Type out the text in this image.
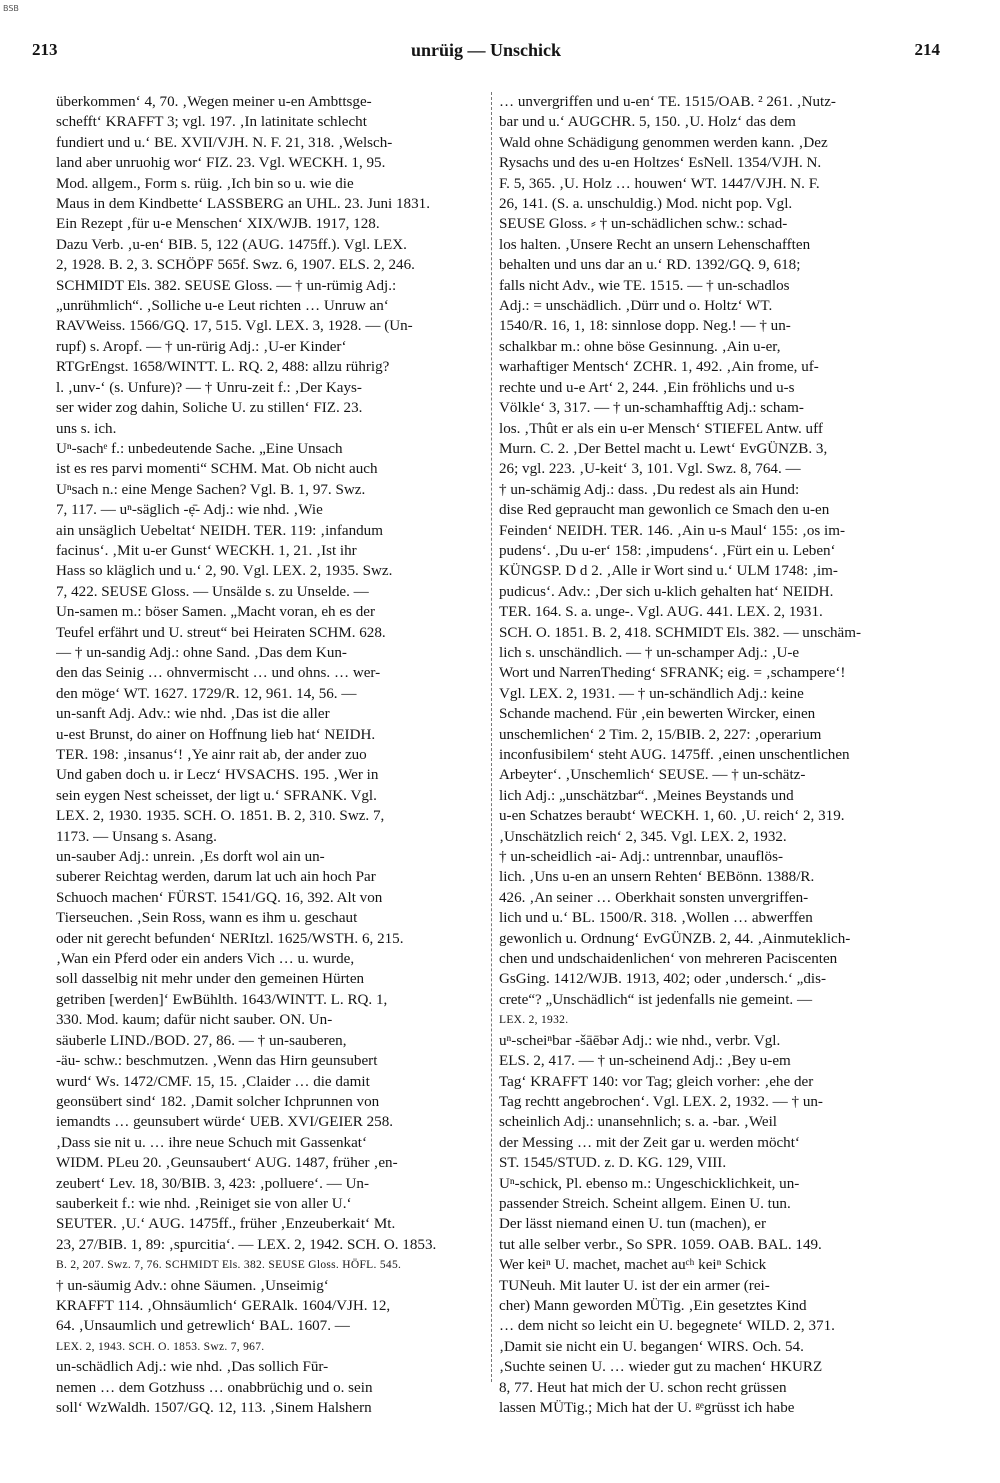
BSB
213	unrüig — Unschick	214
überkommen‘ 4, 70. ‚Wegen meiner u-en Ambttsge-
schefft‘ KRAFFT 3; vgl. 197. ‚In latinitate schlecht
fundiert und u.‘ BE. XVII/VJH. N. F. 21, 318. ‚Welsch-
land aber unruohig wor‘ FIZ. 23. Vgl. WECKH. 1, 95.
Mod. allgem., Form s. rüig. ‚Ich bin so u. wie die
Maus in dem Kindbette‘ LASSBERG an UHL. 23. Juni 1831.
Ein Rezept ‚für u-e Menschen‘ XIX/WJB. 1917, 128.
Dazu Verb. ‚u-en‘ BIB. 5, 122 (AUG. 1475ff.). Vgl. LEX.
2, 1928. B. 2, 3. SCHÖPF 565f. Swz. 6, 1907. ELS. 2, 246.
SCHMIDT Els. 382. SEUSE Gloss. — † un-rümig Adj.:
„unrühmlich“. ‚Solliche u-e Leut richten … Unruw an‘
RAVWeiss. 1566/GQ. 17, 515. Vgl. LEX. 3, 1928. — (Un-
rupf) s. Aropf. — † un-rürig Adj.: ‚U-er Kinder‘
RTGrEngst. 1658/WINTT. L. RQ. 2, 488: allzu rührig?
l. ‚unv-‘ (s. Unfure)? — † Unru-zeit f.: ‚Der Kays-
ser wider zog dahin, Soliche U. zu stillen‘ FIZ. 23.
uns s. ich.
Uⁿ-sachᵉ f.: unbedeutende Sache. „Eine Unsach
ist es res parvi momenti“ SCHM. Mat. Ob nicht auch
Uⁿsach n.: eine Menge Sachen? Vgl. B. 1, 97. Swz.
7, 117. — uⁿ-säglich -ẹ̄- Adj.: wie nhd. ‚Wie
ain unsäglich Uebeltat‘ NEIDH. TER. 119: ‚infandum
facinus‘. ‚Mit u-er Gunst‘ WECKH. 1, 21. ‚Ist ihr
Hass so kläglich und u.‘ 2, 90. Vgl. LEX. 2, 1935. Swz.
7, 422. SEUSE Gloss. — Unsälde s. zu Unselde. —
Un-samen m.: böser Samen. „Macht voran, eh es der
Teufel erfährt und U. streut“ bei Heiraten SCHM. 628.
— † un-sandig Adj.: ohne Sand. ‚Das dem Kun-
den das Seinig … ohnvermischt … und ohns. … wer-
den möge‘ WT. 1627. 1729/R. 12, 961. 14, 56. —
un-sanft Adj. Adv.: wie nhd. ‚Das ist die aller
u-est Brunst, do ainer on Hoffnung lieb hat‘ NEIDH.
TER. 198: ‚insanus‘! ‚Ye ainr rait ab, der ander zuo
Und gaben doch u. ir Lecz‘ HVSACHS. 195. ‚Wer in
sein eygen Nest scheisset, der ligt u.‘ SFRANK. Vgl.
LEX. 2, 1930. 1935. SCH. O. 1851. B. 2, 310. Swz. 7,
1173. — Unsang s. Asang.
un-sauber Adj.: unrein. ‚Es dorft wol ain un-
suberer Reichtag werden, darum lat uch ain hoch Par
Schuoch machen‘ FÜRST. 1541/GQ. 16, 392. Alt von
Tierseuchen. ‚Sein Ross, wann es ihm u. geschaut
oder nit gerecht befunden‘ NERItzl. 1625/WSTH. 6, 215.
‚Wan ein Pferd oder ein anders Vich … u. wurde,
soll dasselbig nit mehr under den gemeinen Hürten
getriben [werden]‘ EwBühlth. 1643/WINTT. L. RQ. 1,
330. Mod. kaum; dafür nicht sauber. ON. Un-
säuberle LIND./BOD. 27, 86. — † un-sauberen,
-äu- schw.: beschmutzen. ‚Wenn das Hirn geunsubert
wurd‘ Ws. 1472/CMF. 15, 15. ‚Claider … die damit
geonsübert sind‘ 182. ‚Damit solcher Ichprunnen von
iemandts … geunsubert würde‘ UEB. XVI/GEIER 258.
‚Dass sie nit u. … ihre neue Schuch mit Gassenkat‘
WIDM. PLeu 20. ‚Geunsaubert‘ AUG. 1487, früher ‚en-
zeubert‘ Lev. 18, 30/BIB. 3, 423: ‚polluere‘. — Un-
sauberkeit f.: wie nhd. ‚Reiniget sie von aller U.‘
SEUTER. ‚U.‘ AUG. 1475ff., früher ‚Enzeuberkait‘ Mt.
23, 27/BIB. 1, 89: ‚spurcitia‘. — LEX. 2, 1942. SCH. O. 1853.
B. 2, 207. Swz. 7, 76. SCHMIDT Els. 382. SEUSE Gloss. HÖFL. 545.
† un-säumig Adv.: ohne Säumen. ‚Unseimig‘
KRAFFT 114. ‚Ohnsäumlich‘ GERAlk. 1604/VJH. 12,
64. ‚Unsaumlich und getrewlich‘ BAL. 1607. —
LEX. 2, 1943. SCH. O. 1853. Swz. 7, 967.
un-schädlich Adj.: wie nhd. ‚Das sollich Fūr-
nemen … dem Gotzhuss … onabbrüchig und o. sein
soll‘ WzWaldh. 1507/GQ. 12, 113. ‚Sinem Halshern
… unvergriffen und u-en‘ TE. 1515/OAB. ² 261. ‚Nutz-
bar und u.‘ AUGCHR. 5, 150. ‚U. Holz‘ das dem
Wald ohne Schädigung genommen werden kann. ‚Dez
Rysachs und des u-en Holtzes‘ EsNell. 1354/VJH. N.
F. 5, 365. ‚U. Holz … houwen‘ WT. 1447/VJH. N. F.
26, 141. (S. a. unschuldig.) Mod. nicht pop. Vgl.
SEUSE Gloss. ⸗ † un-schädlichen schw.: schad-
los halten. ‚Unsere Recht an unsern Lehenschafften
behalten und uns dar an u.‘ RD. 1392/GQ. 9, 618;
falls nicht Adv., wie TE. 1515. — † un-schadlos
Adj.: = unschädlich. ‚Dürr und o. Holtz‘ WT.
1540/R. 16, 1, 18: sinnlose dopp. Neg.! — † un-
schalkbar m.: ohne böse Gesinnung. ‚Ain u-er,
warhaftiger Mentsch‘ ZCHR. 1, 492. ‚Ain frome, uf-
rechte und u-e Art‘ 2, 244. ‚Ein fröhlichs und u-s
Völkle‘ 3, 317. — † un-schamhafftig Adj.: scham-
los. ‚Thût er als ein u-er Mensch‘ STIEFEL Antw. uff
Murn. C. 2. ‚Der Bettel macht u. Lewt‘ EvGÜNZB. 3,
26; vgl. 223. ‚U-keit‘ 3, 101. Vgl. Swz. 8, 764. —
† un-schämig Adj.: dass. ‚Du redest als ain Hund:
dise Red gepraucht man gewonlich ce Smach den u-en
Feinden‘ NEIDH. TER. 146. ‚Ain u-s Maul‘ 155: ‚os im-
pudens‘. ‚Du u-er‘ 158: ‚impudens‘. ‚Fürt ein u. Leben‘
KÜNGSP. D d 2. ‚Alle ir Wort sind u.‘ ULM 1748: ‚im-
pudicus‘. Adv.: ‚Der sich u-klich gehalten hat‘ NEIDH.
TER. 164. S. a. unge-. Vgl. AUG. 441. LEX. 2, 1931.
SCH. O. 1851. B. 2, 418. SCHMIDT Els. 382. — unschäm-
lich s. unschändlich. — † un-schamper Adj.: ‚U-e
Wort und NarrenTheding‘ SFRANK; eig. = ‚schampere‘!
Vgl. LEX. 2, 1931. — † un-schändlich Adj.: keine
Schande machend. Für ‚ein bewerten Wircker, einen
unschemlichen‘ 2 Tim. 2, 15/BIB. 2, 227: ‚operarium
inconfusibilem‘ steht AUG. 1475ff. ‚einen unschentlichen
Arbeyter‘. ‚Unschemlich‘ SEUSE. — † un-schätz-
lich Adj.: „unschätzbar“. ‚Meines Beystands und
u-en Schatzes beraubt‘ WECKH. 1, 60. ‚U. reich‘ 2, 319.
‚Unschätzlich reich‘ 2, 345. Vgl. LEX. 2, 1932.
† un-scheidlich -ai- Adj.: untrennbar, unauflös-
lich. ‚Uns u-en an unsern Rehten‘ BEBönn. 1388/R.
426. ‚An seiner … Oberkhait sonsten unvergriffen-
lich und u.‘ BL. 1500/R. 318. ‚Wollen … abwerffen
gewonlich u. Ordnung‘ EvGÜNZB. 2, 44. ‚Ainmuteklich-
chen und undschaidenlichen‘ von mehreren Paciscenten
GsGing. 1412/WJB. 1913, 402; oder ‚undersch.‘ „dis-
crete“? „Unschädlich“ ist jedenfalls nie gemeint. —
LEX. 2, 1932.
uⁿ-scheiⁿbar -šāēbər Adj.: wie nhd., verbr. Vgl.
ELS. 2, 417. — † un-scheinend Adj.: ‚Bey u-em
Tag‘ KRAFFT 140: vor Tag; gleich vorher: ‚ehe der
Tag rechtt angebrochen‘. Vgl. LEX. 2, 1932. — † un-
scheinlich Adj.: unansehnlich; s. a. -bar. ‚Weil
der Messing … mit der Zeit gar u. werden möcht‘
ST. 1545/STUD. z. D. KG. 129, VIII.
Uⁿ-schick, Pl. ebenso m.: Ungeschicklichkeit, un-
passender Streich. Scheint allgem. Einen U. tun.
Der lässt niemand einen U. tun (machen), er
tut alle selber verbr., So SPR. 1059. OAB. BAL. 149.
Wer keiⁿ U. machet, machet auᶜʰ keiⁿ Schick
TUNeuh. Mit lauter U. ist der ein armer (rei-
cher) Mann geworden MÜTig. ‚Ein gesetztes Kind
… dem nicht so leicht ein U. begegnete‘ WILD. 2, 371.
‚Damit sie nicht ein U. begangen‘ WIRS. Och. 54.
‚Suchte seinen U. … wieder gut zu machen‘ HKURZ
8, 77. Heut hat mich der U. schon recht grüssen
lassen MÜTig.; Mich hat der U. ᵍᵉgrüsst ich habe
